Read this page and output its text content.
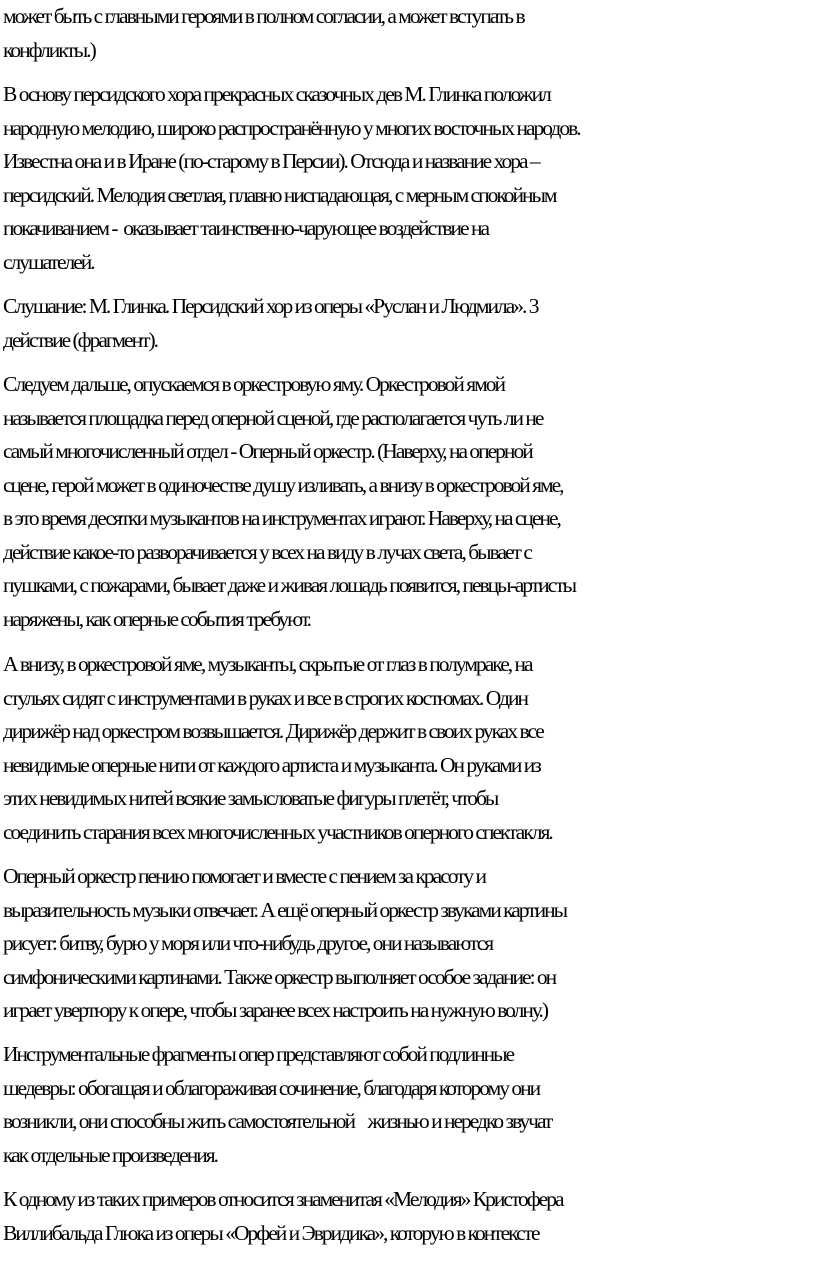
может быть с главными героями в полном согласии, а может вступать в
конфликты.)
В основу персидского хора прекрасных сказочных дев М. Глинка положил
народную мелодию, широко распространённую у многих восточных народов.
Известна она и в Иране (по-старому в Персии). Отсюда и название хора –
персидский. Мелодия светлая, плавно ниспадающая, с мерным спокойным
покачиванием -  оказывает таинственно-чарующее воздействие на
слушателей.
Слушание: М. Глинка. Персидский хор из оперы «Руслан и Людмила». 3
действие (фрагмент).
Следуем дальше, опускаемся в оркестровую яму. Оркестровой ямой
называется площадка перед оперной сценой, где располагается чуть ли не
самый многочисленный отдел - Оперный оркестр. (Наверху, на оперной
сцене, герой может в одиночестве душу изливать, а внизу в оркестровой яме,
в это время десятки музыкантов на инструментах играют. Наверху, на сцене,
действие какое-то разворачивается у всех на виду в лучах света, бывает с
пушками, с пожарами, бывает даже и живая лошадь появится, певцы-артисты
наряжены, как оперные события требуют.
А внизу, в оркестровой яме, музыканты, скрытые от глаз в полумраке, на
стульях сидят с инструментами в руках и все в строгих костюмах. Один
дирижёр над оркестром возвышается. Дирижёр держит в своих руках все
невидимые оперные нити от каждого артиста и музыканта. Он руками из
этих невидимых нитей всякие замысловатые фигуры плетёт, чтобы
соединить старания всех многочисленных участников оперного спектакля.
Оперный оркестр пению помогает и вместе с пением за красоту и
выразительность музыки отвечает. А ещё оперный оркестр звуками картины
рисует: битву, бурю у моря или что-нибудь другое, они называются
симфоническими картинами. Также оркестр выполняет особое задание: он
играет увертюру к опере, чтобы заранее всех настроить на нужную волну.)
Инструментальные фрагменты опер представляют собой подлинные
шедевры: обогащая и облагораживая сочинение, благодаря которому они
возникли, они способны жить самостоятельной    жизнью и нередко звучат
как отдельные произведения.
К одному из таких примеров относится знаменитая «Мелодия» Кристофера
Виллибальда Глюка из оперы «Орфей и Эвридика», которую в контексте
